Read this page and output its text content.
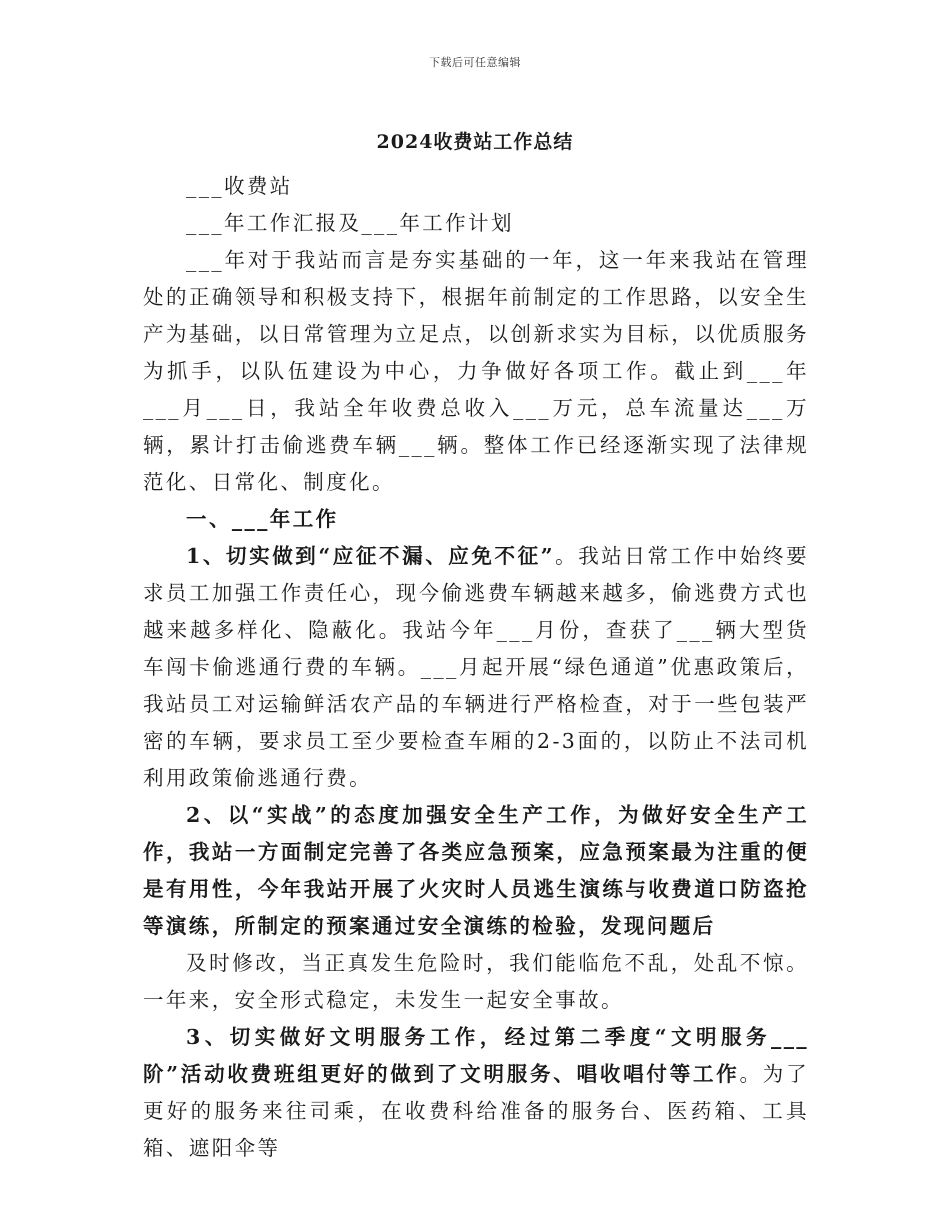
下载后可任意编辑
2024收费站工作总结

___收费站

___年工作汇报及___年工作计划

___年对于我站而言是夯实基础的一年，这一年来我站在管理处的正确领导和积极支持下，根据年前制定的工作思路，以安全生产为基础，以日常管理为立足点，以创新求实为目标，以优质服务为抓手，以队伍建设为中心，力争做好各项工作。截止到___年___月___日，我站全年收费总收入___万元，总车流量达___万辆，累计打击偷逃费车辆___辆。整体工作已经逐渐实现了法律规范化、日常化、制度化。

一、___年工作

1、切实做到“应征不漏、应免不征”。我站日常工作中始终要求员工加强工作责任心，现今偷逃费车辆越来越多，偷逃费方式也越来越多样化、隐蔽化。我站今年___月份，查获了___辆大型货车闯卡偷逃通行费的车辆。___月起开展“绿色通道”优惠政策后，我站员工对运输鲜活农产品的车辆进行严格检查，对于一些包装严密的车辆，要求员工至少要检查车厢的2-3面的，以防止不法司机利用政策偷逃通行费。

2、以“实战”的态度加强安全生产工作，为做好安全生产工作，我站一方面制定完善了各类应急预案，应急预案最为注重的便是有用性，今年我站开展了火灾时人员逃生演练与收费道口防盗抢等演练，所制定的预案通过安全演练的检验，发现问题后

及时修改，当正真发生危险时，我们能临危不乱，处乱不惊。一年来，安全形式稳定，未发生一起安全事故。

3、切实做好文明服务工作，经过第二季度“文明服务___阶”活动收费班组更好的做到了文明服务、唱收唱付等工作。为了更好的服务来往司乘，在收费科给准备的服务台、医药箱、工具箱、遮阳伞等
